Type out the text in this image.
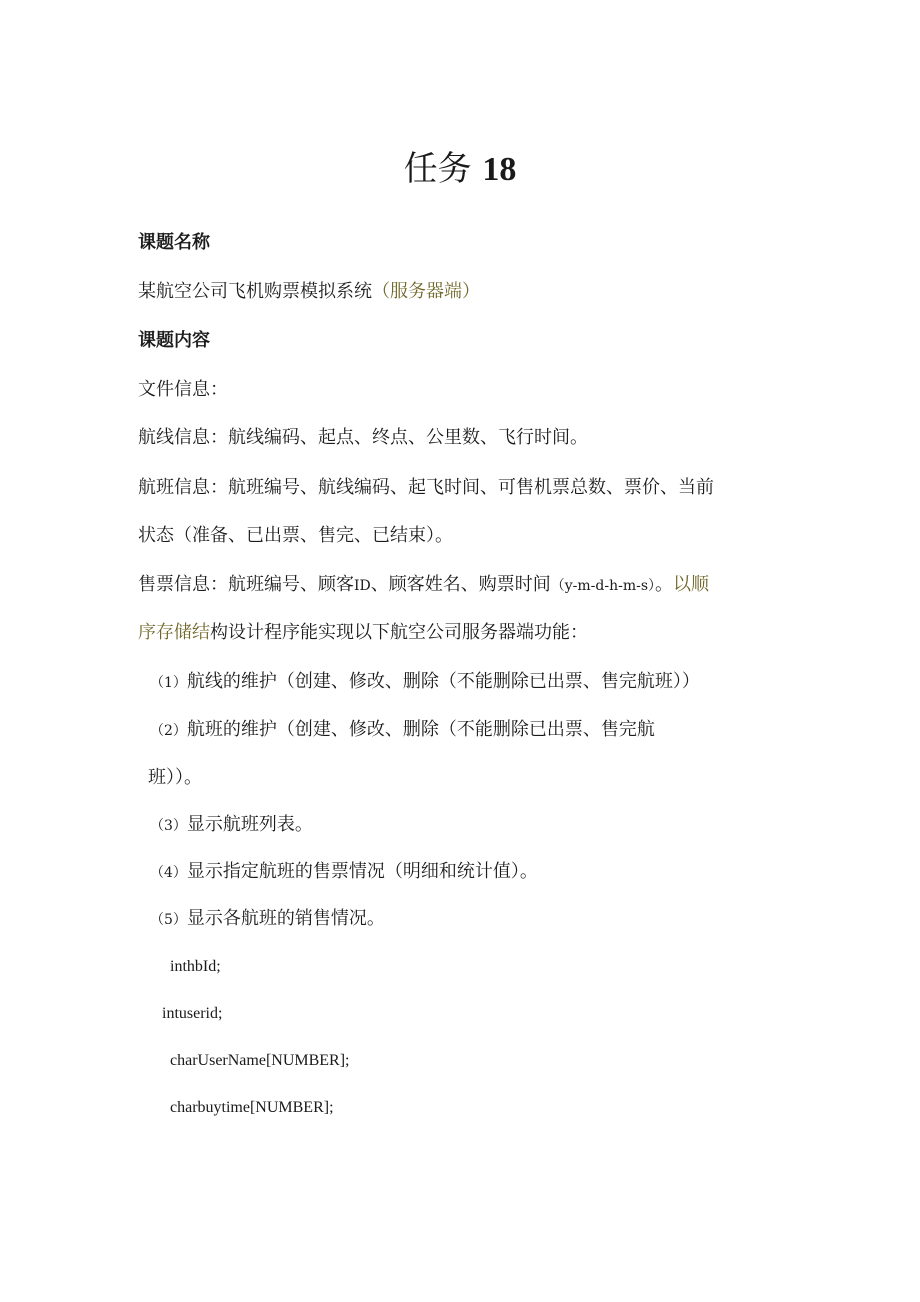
任务 18
课题名称
某航空公司飞机购票模拟系统（服务器端）
课题内容
文件信息：
航线信息：航线编码、起点、终点、公里数、飞行时间。
航班信息：航班编号、航线编码、起飞时间、可售机票总数、票价、当前
状态（准备、已出票、售完、已结束）。
售票信息：航班编号、顾客ID、顾客姓名、购票时间（y-m-d-h-m-s）。以顺
序存储结构设计程序能实现以下航空公司服务器端功能：
（1）航线的维护（创建、修改、删除（不能删除已出票、售完航班））
（2）航班的维护（创建、修改、删除（不能删除已出票、售完航
班））。
（3）显示航班列表。
（4）显示指定航班的售票情况（明细和统计值）。
（5）显示各航班的销售情况。
inthbId;
intuserid;
charUserName[NUMBER];
charbuytime[NUMBER];
